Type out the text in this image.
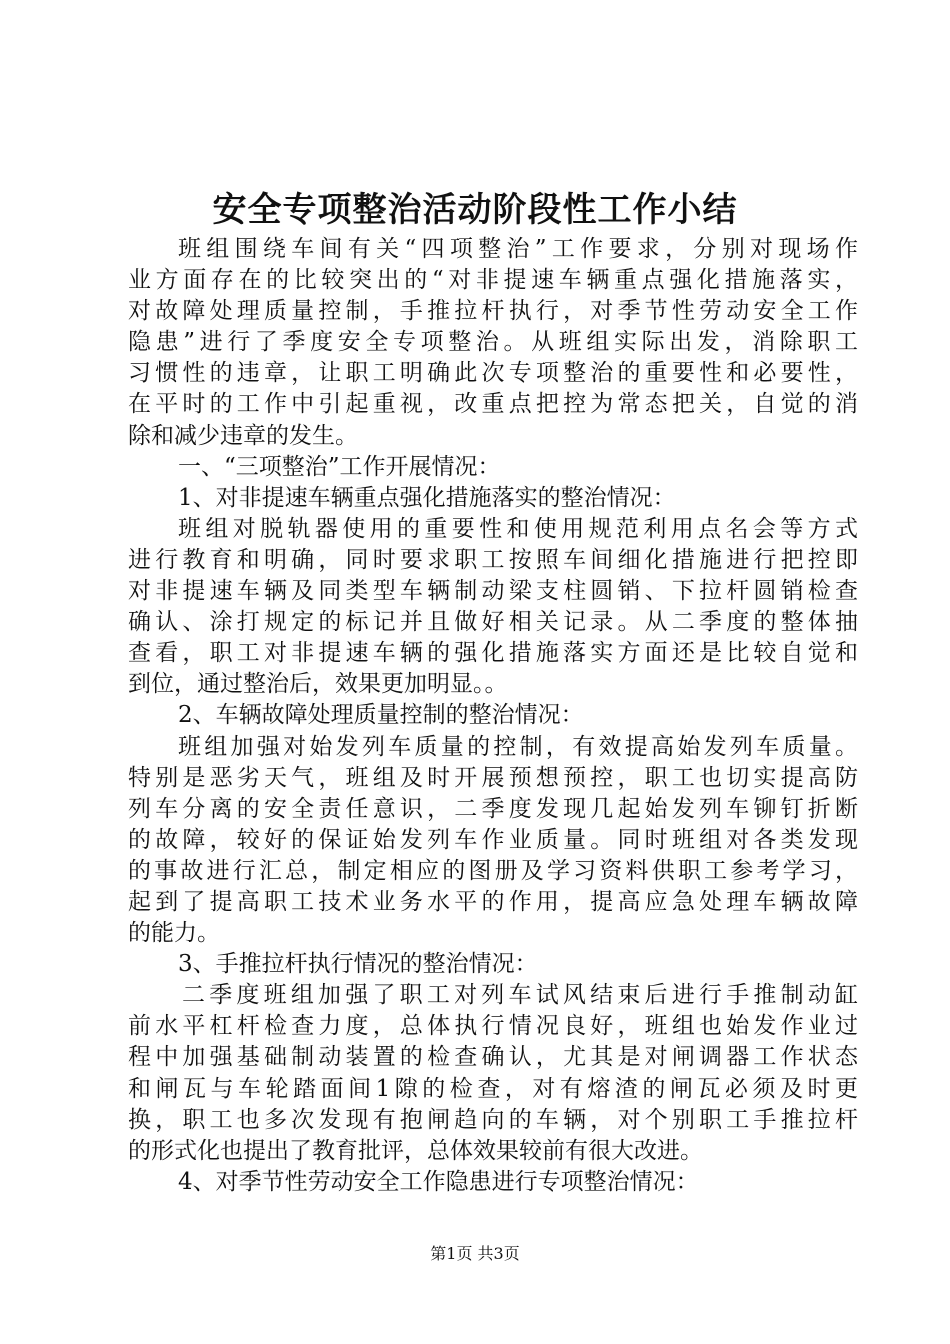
安全专项整治活动阶段性工作小结
班组围绕车间有关“四项整治”工作要求，分别对现场作
业方面存在的比较突出的“对非提速车辆重点强化措施落实，
对故障处理质量控制，手推拉杆执行，对季节性劳动安全工作
隐患”进行了季度安全专项整治。从班组实际出发，消除职工
习惯性的违章，让职工明确此次专项整治的重要性和必要性，
在平时的工作中引起重视，改重点把控为常态把关，自觉的消
除和减少违章的发生。
一、“三项整治”工作开展情况：
1、对非提速车辆重点强化措施落实的整治情况：
班组对脱轨器使用的重要性和使用规范利用点名会等方式
进行教育和明确，同时要求职工按照车间细化措施进行把控即
对非提速车辆及同类型车辆制动梁支柱圆销、下拉杆圆销检查
确认、涂打规定的标记并且做好相关记录。从二季度的整体抽
查看，职工对非提速车辆的强化措施落实方面还是比较自觉和
到位，通过整治后，效果更加明显。。
2、车辆故障处理质量控制的整治情况：
班组加强对始发列车质量的控制，有效提高始发列车质量。
特别是恶劣天气，班组及时开展预想预控，职工也切实提高防
列车分离的安全责任意识，二季度发现几起始发列车铆钉折断
的故障，较好的保证始发列车作业质量。同时班组对各类发现
的事故进行汇总，制定相应的图册及学习资料供职工参考学习，
起到了提高职工技术业务水平的作用，提高应急处理车辆故障
的能力。
3、手推拉杆执行情况的整治情况：
二季度班组加强了职工对列车试风结束后进行手推制动缸
前水平杠杆检查力度，总体执行情况良好，班组也始发作业过
程中加强基础制动装置的检查确认，尤其是对闸调器工作状态
和闸瓦与车轮踏面间1隙的检查，对有熔渣的闸瓦必须及时更
换，职工也多次发现有抱闸趋向的车辆，对个别职工手推拉杆
的形式化也提出了教育批评，总体效果较前有很大改进。
4、对季节性劳动安全工作隐患进行专项整治情况：
第1页 共3页
